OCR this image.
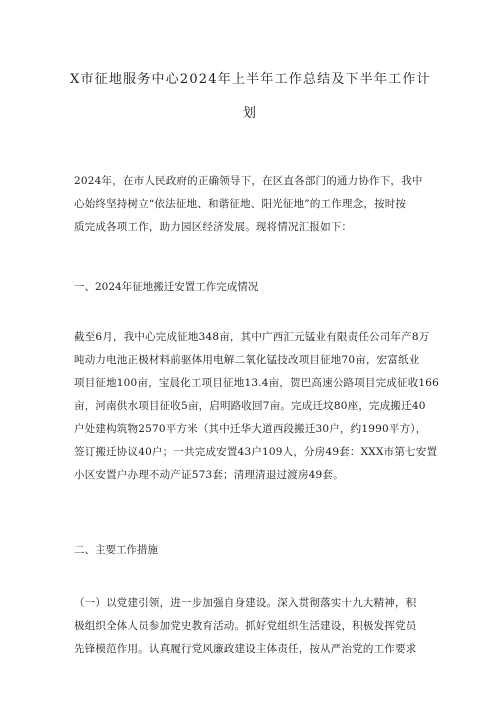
X市征地服务中心2024年上半年工作总结及下半年工作计
划
2024年，在市人民政府的正确领导下，在区直各部门的通力协作下，我中
心始终坚持树立“依法征地、和谐征地、阳光征地”的工作理念，按时按
质完成各项工作，助力园区经济发展。现将情况汇报如下：
一、2024年征地搬迁安置工作完成情况
截至6月，我中心完成征地348亩，其中广西汇元锰业有限责任公司年产8万
吨动力电池正极材料前驱体用电解二氧化锰技改项目征地70亩，宏富纸业
项目征地100亩，宝晨化工项目征地13.4亩，贺巴高速公路项目完成征收166
亩，河南供水项目征收5亩，启明路收回7亩。完成迁坟80座，完成搬迁40
户处建构筑物2570平方米（其中迁华大道西段搬迁30户，约1990平方），
签订搬迁协议40户；一共完成安置43户109人，分房49套：XXX市第七安置
小区安置户办理不动产证573套；清理清退过渡房49套。
二、主要工作措施
（一）以党建引领，进一步加强自身建设。深入贯彻落实十九大精神，积
极组织全体人员参加党史教育活动。抓好党组织生活建设，积极发挥党员
先锋模范作用。认真履行党风廉政建设主体责任，按从严治党的工作要求
